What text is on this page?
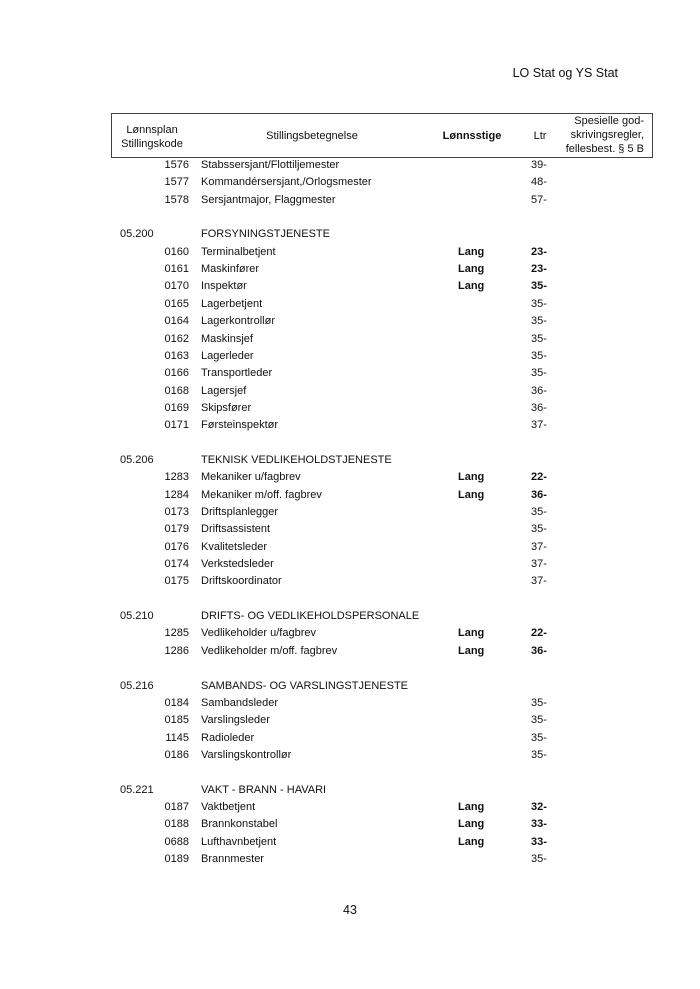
LO Stat og YS Stat
Lønnsplan
Stillingskode
Stillingsbetegnelse	Lønnsstige	Ltr
Spesielle god-
skrivingsregler,
fellesbest. § 5 B
1576 Stabssersjant/Flottiljemester	39-
1577 Kommandérsersjant,/Orlogsmester	48-
1578 Sersjantmajor, Flaggmester	57-
05.200	FORSYNINGSTJENESTE
0160 Terminalbetjent	Lang	23-
0161 Maskinfører	Lang	23-
0170 Inspektør	Lang	35-
0165 Lagerbetjent	35-
0164 Lagerkontrollør	35-
0162 Maskinsjef	35-
0163 Lagerleder	35-
0166 Transportleder	35-
0168 Lagersjef	36-
0169 Skipsfører	36-
0171 Førsteinspektør	37-
05.206	TEKNISK VEDLIKEHOLDSTJENESTE
1283 Mekaniker u/fagbrev	Lang	22-
1284 Mekaniker m/off. fagbrev	Lang	36-
0173 Driftsplanlegger	35-
0179 Driftsassistent	35-
0176 Kvalitetsleder	37-
0174 Verkstedsleder	37-
0175 Driftskoordinator	37-
05.210	DRIFTS- OG VEDLIKEHOLDSPERSONALE
1285 Vedlikeholder u/fagbrev	Lang	22-
1286 Vedlikeholder m/off. fagbrev	Lang	36-
05.216	SAMBANDS- OG VARSLINGSTJENESTE
0184 Sambandsleder	35-
0185 Varslingsleder	35-
1145 Radioleder	35-
0186 Varslingskontrollør	35-
05.221	VAKT - BRANN - HAVARI
0187 Vaktbetjent	Lang	32-
0188 Brannkonstabel	Lang	33-
0688 Lufthavnbetjent	Lang	33-
0189 Brannmester	35-
43
